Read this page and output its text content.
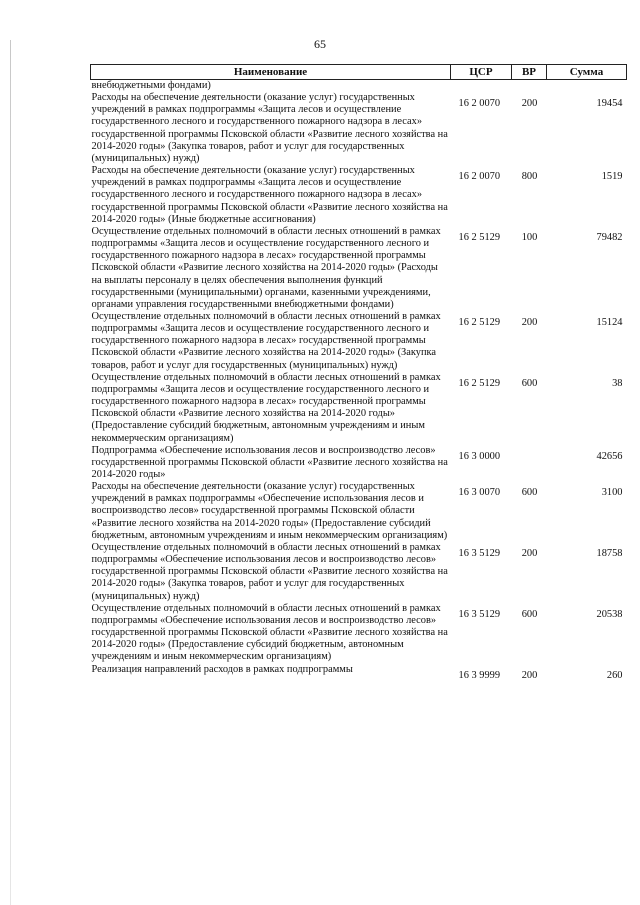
65
Наименование	ЦСР	ВР	Сумма
внебюджетными фондами)			
Расходы на обеспечение деятельности (оказание услуг) государственных учреждений в рамках подпрограммы «Защита лесов и осуществление государственного лесного и государственного пожарного надзора в лесах» государственной программы Псковской области «Развитие лесного хозяйства на 2014-2020 годы» (Закупка товаров, работ и услуг для государственных (муниципальных) нужд)	16 2 0070	200	19454
Расходы на обеспечение деятельности (оказание услуг) государственных учреждений в рамках подпрограммы «Защита лесов и осуществление государственного лесного и государственного пожарного надзора в лесах» государственной программы Псковской области «Развитие лесного хозяйства на 2014-2020 годы» (Иные бюджетные ассигнования)	16 2 0070	800	1519
Осуществление отдельных полномочий в области лесных отношений в рамках подпрограммы «Защита лесов и осуществление государственного лесного и государственного пожарного надзора в лесах» государственной программы Псковской области «Развитие лесного хозяйства на 2014-2020 годы» (Расходы на выплаты персоналу в целях обеспечения выполнения функций государственными (муниципальными) органами, казенными учреждениями, органами управления государственными внебюджетными фондами)	16 2 5129	100	79482
Осуществление отдельных полномочий в области лесных отношений в рамках подпрограммы «Защита лесов и осуществление государственного лесного и государственного пожарного надзора в лесах» государственной программы Псковской области «Развитие лесного хозяйства на 2014-2020 годы» (Закупка товаров, работ и услуг для государственных (муниципальных) нужд)	16 2 5129	200	15124
Осуществление отдельных полномочий в области лесных отношений в рамках подпрограммы «Защита лесов и осуществление государственного лесного и государственного пожарного надзора в лесах» государственной программы Псковской области «Развитие лесного хозяйства на 2014-2020 годы» (Предоставление субсидий бюджетным, автономным учреждениям и иным некоммерческим организациям)	16 2 5129	600	38
Подпрограмма «Обеспечение использования лесов и воспроизводство лесов» государственной программы Псковской области «Развитие лесного хозяйства на 2014-2020 годы»	16 3 0000		42656
Расходы на обеспечение деятельности (оказание услуг) государственных учреждений в рамках подпрограммы «Обеспечение использования лесов и воспроизводство лесов» государственной программы Псковской области «Развитие лесного хозяйства на 2014-2020 годы» (Предоставление субсидий бюджетным, автономным учреждениям и иным некоммерческим организациям)	16 3 0070	600	3100
Осуществление отдельных полномочий в области лесных отношений в рамках подпрограммы «Обеспечение использования лесов и воспроизводство лесов» государственной программы Псковской области «Развитие лесного хозяйства на 2014-2020 годы» (Закупка товаров, работ и услуг для государственных (муниципальных) нужд)	16 3 5129	200	18758
Осуществление отдельных полномочий в области лесных отношений в рамках подпрограммы «Обеспечение использования лесов и воспроизводство лесов» государственной программы Псковской области «Развитие лесного хозяйства на 2014-2020 годы» (Предоставление субсидий бюджетным, автономным учреждениям и иным некоммерческим организациям)	16 3 5129	600	20538
Реализация направлений расходов в рамках подпрограммы	16 3 9999	200	260
